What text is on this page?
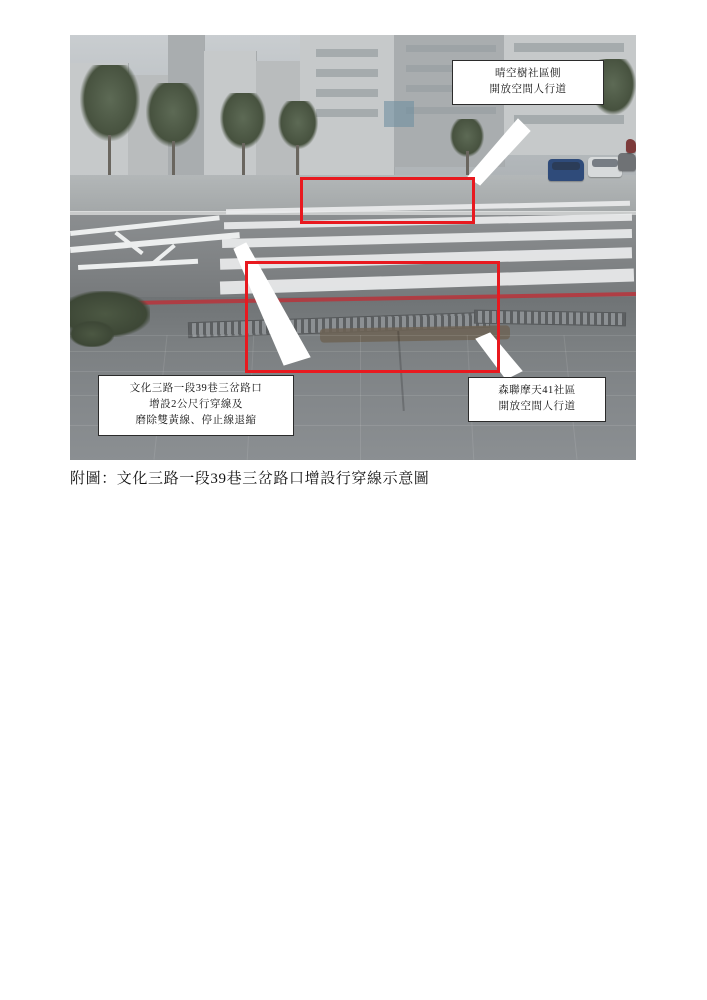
晴空樹社區側
開放空間人行道
文化三路一段39巷三岔路口
增設2公尺行穿線及
磨除雙黃線、停止線退縮
森聯摩天41社區
開放空間人行道
附圖：文化三路一段39巷三岔路口增設行穿線示意圖
